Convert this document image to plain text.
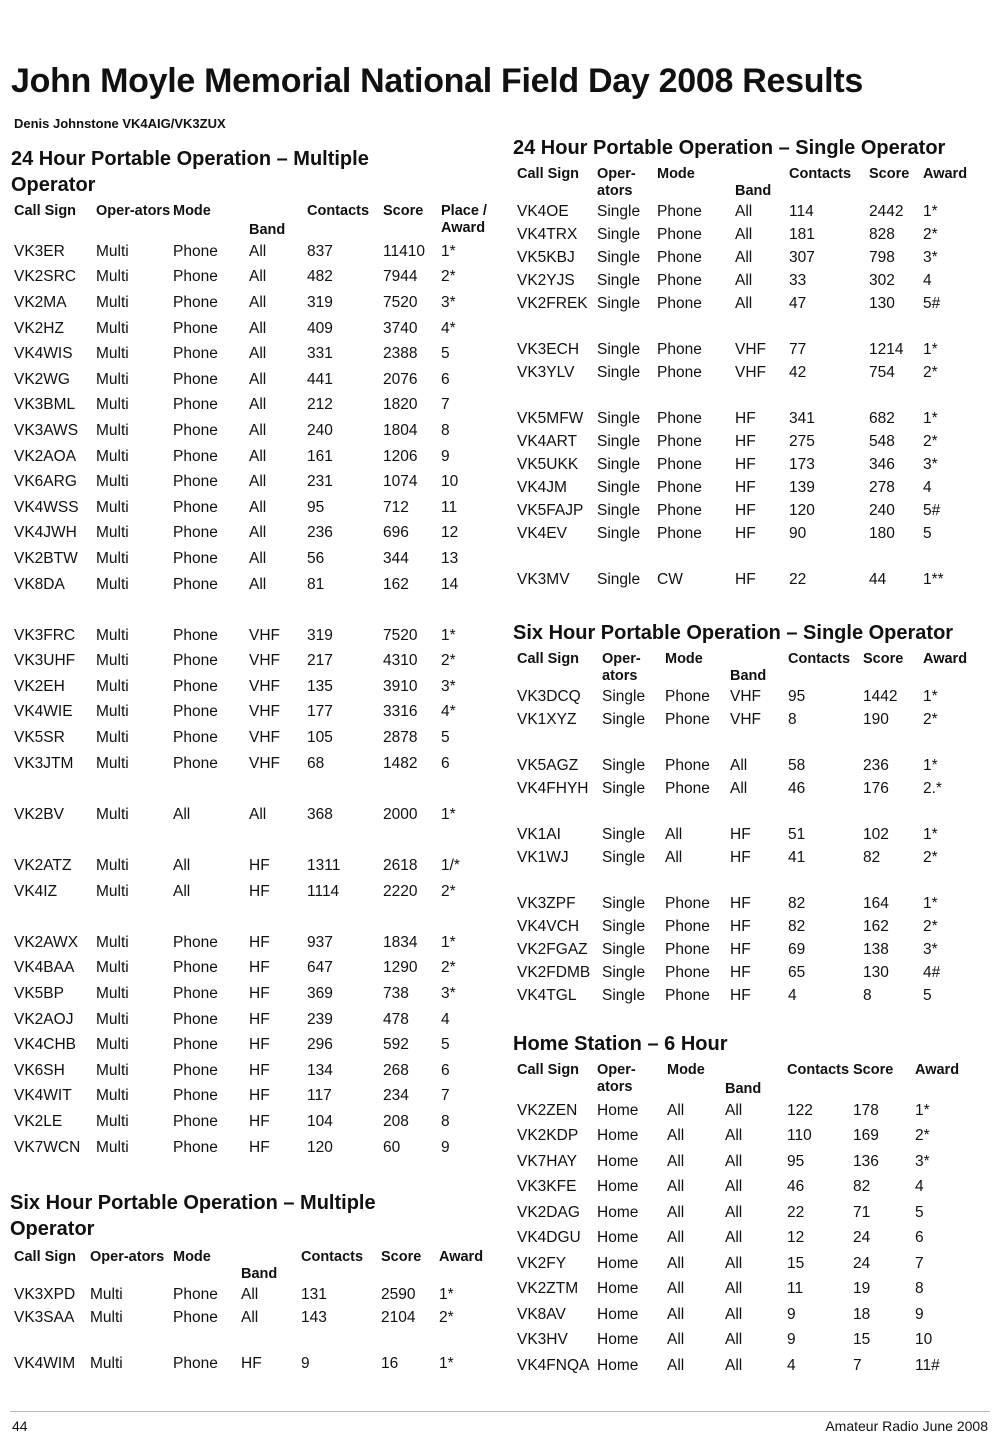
John Moyle Memorial National Field Day 2008 Results
Denis Johnstone VK4AIG/VK3ZUX
24 Hour Portable Operation – Multiple Operator
Call Sign	Oper-ators	Mode	Band	Contacts	Score	Place / Award
VK3ER	Multi	Phone	All	837	11410	1*
VK2SRC	Multi	Phone	All	482	7944	2*
VK2MA	Multi	Phone	All	319	7520	3*
VK2HZ	Multi	Phone	All	409	3740	4*
VK4WIS	Multi	Phone	All	331	2388	5
VK2WG	Multi	Phone	All	441	2076	6
VK3BML	Multi	Phone	All	212	1820	7
VK3AWS	Multi	Phone	All	240	1804	8
VK2AOA	Multi	Phone	All	161	1206	9
VK6ARG	Multi	Phone	All	231	1074	10
VK4WSS	Multi	Phone	All	95	712	11
VK4JWH	Multi	Phone	All	236	696	12
VK2BTW	Multi	Phone	All	56	344	13
VK8DA	Multi	Phone	All	81	162	14

VK3FRC	Multi	Phone	VHF	319	7520	1*
VK3UHF	Multi	Phone	VHF	217	4310	2*
VK2EH	Multi	Phone	VHF	135	3910	3*
VK4WIE	Multi	Phone	VHF	177	3316	4*
VK5SR	Multi	Phone	VHF	105	2878	5
VK3JTM	Multi	Phone	VHF	68	1482	6

VK2BV	Multi	All	All	368	2000	1*

VK2ATZ	Multi	All	HF	1311	2618	1/*
VK4IZ	Multi	All	HF	1114	2220	2*

VK2AWX	Multi	Phone	HF	937	1834	1*
VK4BAA	Multi	Phone	HF	647	1290	2*
VK5BP	Multi	Phone	HF	369	738	3*
VK2AOJ	Multi	Phone	HF	239	478	4
VK4CHB	Multi	Phone	HF	296	592	5
VK6SH	Multi	Phone	HF	134	268	6
VK4WIT	Multi	Phone	HF	117	234	7
VK2LE	Multi	Phone	HF	104	208	8
VK7WCN	Multi	Phone	HF	120	60	9
Six Hour Portable Operation – Multiple Operator
Call Sign	Oper-ators	Mode	Band	Contacts	Score	Award
VK3XPD	Multi	Phone	All	131	2590	1*
VK3SAA	Multi	Phone	All	143	2104	2*

VK4WIM	Multi	Phone	HF	9	16	1*
24 Hour Portable Operation – Single Operator
Call Sign	Oper-ators	Mode	Band	Contacts	Score	Award
VK4OE	Single	Phone	All	114	2442	1*
VK4TRX	Single	Phone	All	181	828	2*
VK5KBJ	Single	Phone	All	307	798	3*
VK2YJS	Single	Phone	All	33	302	4
VK2FREK	Single	Phone	All	47	130	5#

VK3ECH	Single	Phone	VHF	77	1214	1*
VK3YLV	Single	Phone	VHF	42	754	2*

VK5MFW	Single	Phone	HF	341	682	1*
VK4ART	Single	Phone	HF	275	548	2*
VK5UKK	Single	Phone	HF	173	346	3*
VK4JM	Single	Phone	HF	139	278	4
VK5FAJP	Single	Phone	HF	120	240	5#
VK4EV	Single	Phone	HF	90	180	5

VK3MV	Single	CW	HF	22	44	1**
Six Hour Portable Operation – Single Operator
Call Sign	Oper-ators	Mode	Band	Contacts	Score	Award
VK3DCQ	Single	Phone	VHF	95	1442	1*
VK1XYZ	Single	Phone	VHF	8	190	2*

VK5AGZ	Single	Phone	All	58	236	1*
VK4FHYH	Single	Phone	All	46	176	2.*

VK1AI	Single	All	HF	51	102	1*
VK1WJ	Single	All	HF	41	82	2*

VK3ZPF	Single	Phone	HF	82	164	1*
VK4VCH	Single	Phone	HF	82	162	2*
VK2FGAZ	Single	Phone	HF	69	138	3*
VK2FDMB	Single	Phone	HF	65	130	4#
VK4TGL	Single	Phone	HF	4	8	5
Home Station – 6 Hour
Call Sign	Oper-ators	Mode	Band	Contacts	Score	Award
VK2ZEN	Home	All	All	122	178	1*
VK2KDP	Home	All	All	110	169	2*
VK7HAY	Home	All	All	95	136	3*
VK3KFE	Home	All	All	46	82	4
VK2DAG	Home	All	All	22	71	5
VK4DGU	Home	All	All	12	24	6
VK2FY	Home	All	All	15	24	7
VK2ZTM	Home	All	All	11	19	8
VK8AV	Home	All	All	9	18	9
VK3HV	Home	All	All	9	15	10
VK4FNQA	Home	All	All	4	7	11#
44	Amateur Radio June 2008
